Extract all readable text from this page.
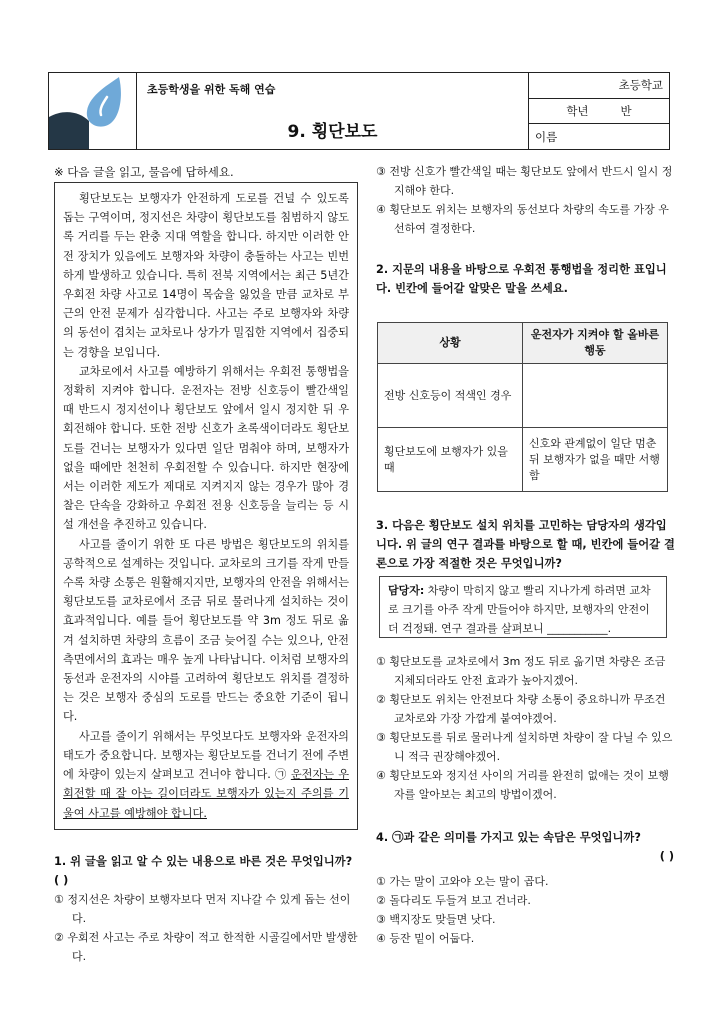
초등학생을 위한 독해 연습
9. 횡단보도
초등학교
학년	반
이름
※ 다음 글을 읽고, 물음에 답하세요.

횡단보도는 보행자가 안전하게 도로를 건널 수 있도록 돕는 구역이며, 정지선은 차량이 횡단보도를 침범하지 않도록 거리를 두는 완충 지대 역할을 합니다. 하지만 이러한 안전 장치가 있음에도 보행자와 차량이 충돌하는 사고는 빈번하게 발생하고 있습니다. 특히 전북 지역에서는 최근 5년간 우회전 차량 사고로 14명이 목숨을 잃었을 만큼 교차로 부근의 안전 문제가 심각합니다. 사고는 주로 보행자와 차량의 동선이 겹치는 교차로나 상가가 밀집한 지역에서 집중되는 경향을 보입니다.

교차로에서 사고를 예방하기 위해서는 우회전 통행법을 정확히 지켜야 합니다. 운전자는 전방 신호등이 빨간색일 때 반드시 정지선이나 횡단보도 앞에서 일시 정지한 뒤 우회전해야 합니다. 또한 전방 신호가 초록색이더라도 횡단보도를 건너는 보행자가 있다면 일단 멈춰야 하며, 보행자가 없을 때에만 천천히 우회전할 수 있습니다. 하지만 현장에서는 이러한 제도가 제대로 지켜지지 않는 경우가 많아 경찰은 단속을 강화하고 우회전 전용 신호등을 늘리는 등 시설 개선을 추진하고 있습니다.

사고를 줄이기 위한 또 다른 방법은 횡단보도의 위치를 공학적으로 설계하는 것입니다. 교차로의 크기를 작게 만들수록 차량 소통은 원활해지지만, 보행자의 안전을 위해서는 횡단보도를 교차로에서 조금 뒤로 물러나게 설치하는 것이 효과적입니다. 예를 들어 횡단보도를 약 3m 정도 뒤로 옮겨 설치하면 차량의 흐름이 조금 늦어질 수는 있으나, 안전 측면에서의 효과는 매우 높게 나타납니다. 이처럼 보행자의 동선과 운전자의 시야를 고려하여 횡단보도 위치를 결정하는 것은 보행자 중심의 도로를 만드는 중요한 기준이 됩니다.

사고를 줄이기 위해서는 무엇보다도 보행자와 운전자의 태도가 중요합니다. 보행자는 횡단보도를 건너기 전에 주변에 차량이 있는지 살펴보고 건너야 합니다. ㉠ 운전자는 우회전할 때 잘 아는 길이더라도 보행자가 있는지 주의를 기울여 사고를 예방해야 합니다.

1. 위 글을 읽고 알 수 있는 내용으로 바른 것은 무엇입니까? ( )
① 정지선은 차량이 보행자보다 먼저 지나갈 수 있게 돕는 선이다.
② 우회전 사고는 주로 차량이 적고 한적한 시골길에서만 발생한다.
③ 전방 신호가 빨간색일 때는 횡단보도 앞에서 반드시 일시 정지해야 한다.
④ 횡단보도 위치는 보행자의 동선보다 차량의 속도를 가장 우선하여 결정한다.
2. 지문의 내용을 바탕으로 우회전 통행법을 정리한 표입니다. 빈칸에 들어갈 알맞은 말을 쓰세요.
상황	운전자가 지켜야 할 올바른 행동
전방 신호등이 적색인 경우	
횡단보도에 보행자가 있을 때	신호와 관계없이 일단 멈춘 뒤 보행자가 없을 때만 서행함
3. 다음은 횡단보도 설치 위치를 고민하는 담당자의 생각입니다. 위 글의 연구 결과를 바탕으로 할 때, 빈칸에 들어갈 결론으로 가장 적절한 것은 무엇입니까?
담당자: 차량이 막히지 않고 빨리 지나가게 하려면 교차로 크기를 아주 작게 만들어야 하지만, 보행자의 안전이 더 걱정돼. 연구 결과를 살펴보니 ___________.
① 횡단보도를 교차로에서 3m 정도 뒤로 옮기면 차량은 조금 지체되더라도 안전 효과가 높아지겠어.
② 횡단보도 위치는 안전보다 차량 소통이 중요하니까 무조건 교차로와 가장 가깝게 붙여야겠어.
③ 횡단보도를 뒤로 물러나게 설치하면 차량이 잘 다닐 수 있으니 적극 권장해야겠어.
④ 횡단보도와 정지선 사이의 거리를 완전히 없애는 것이 보행자를 알아보는 최고의 방법이겠어.
4. ㉠과 같은 의미를 가지고 있는 속담은 무엇입니까?
( )
① 가는 말이 고와야 오는 말이 곱다.
② 돌다리도 두들겨 보고 건너라.
③ 백지장도 맞들면 낫다.
④ 등잔 밑이 어둡다.
